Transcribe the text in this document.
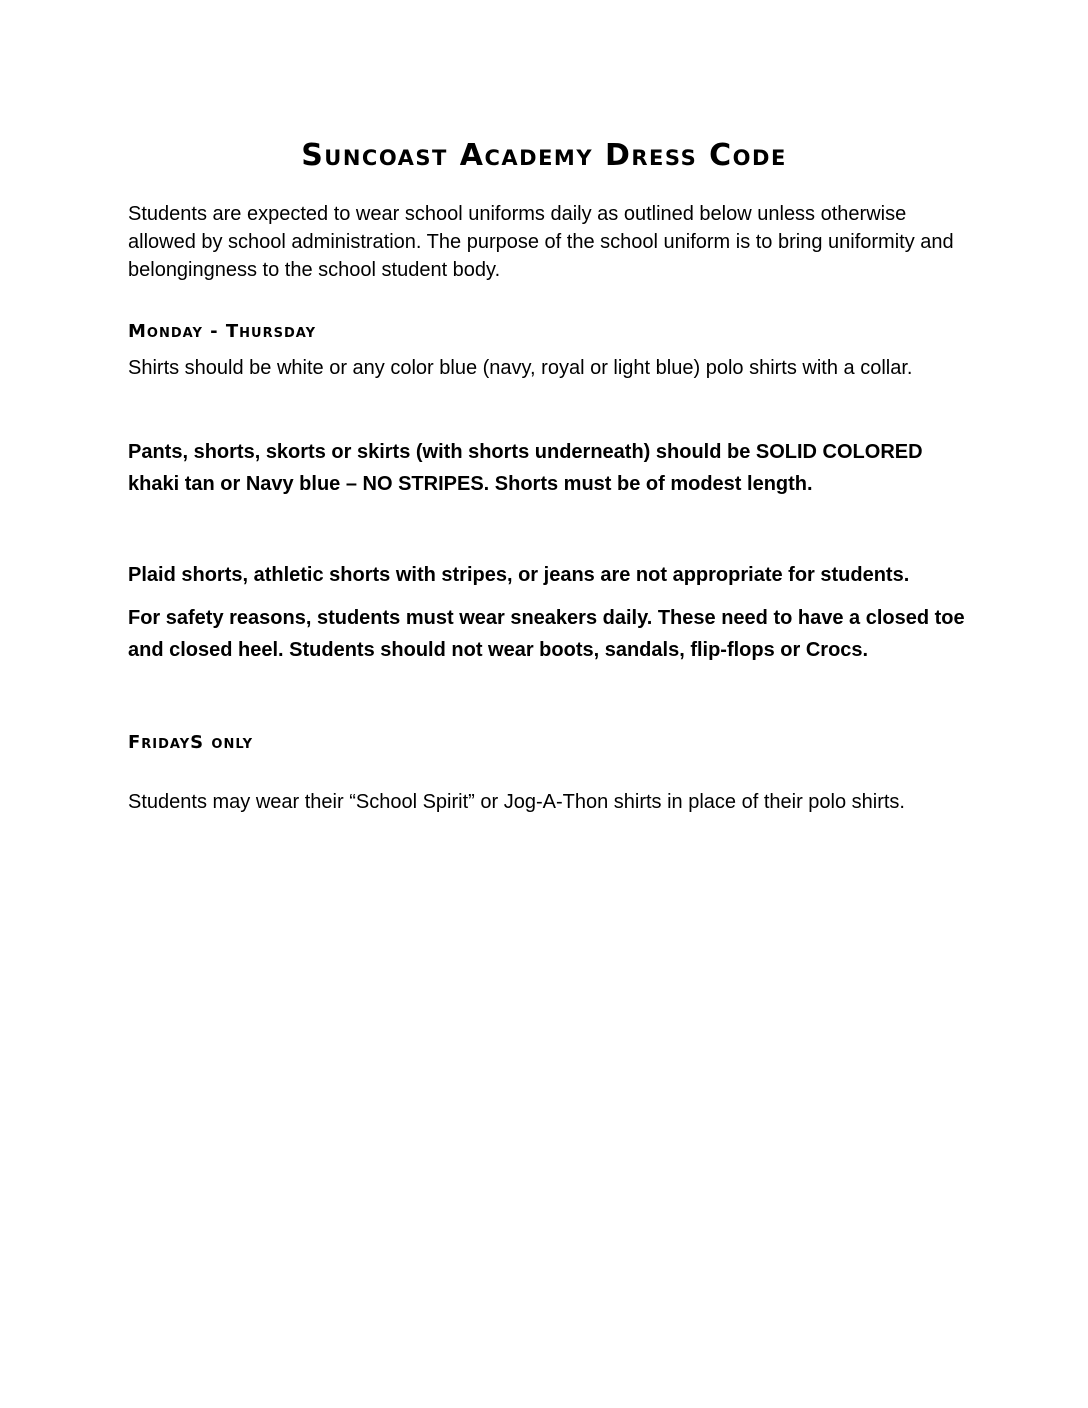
Suncoast Academy Dress Code
Students are expected to wear school uniforms daily as outlined below unless otherwise allowed by school administration. The purpose of the school uniform is to bring uniformity and belongingness to the school student body.
Monday - Thursday
Shirts should be white or any color blue (navy, royal or light blue) polo shirts with a collar.
Pants, shorts, skorts or skirts (with shorts underneath) should be SOLID COLORED khaki tan or Navy blue – NO STRIPES. Shorts must be of modest length.
Plaid shorts, athletic shorts with stripes, or jeans are not appropriate for students.
For safety reasons, students must wear sneakers daily. These need to have a closed toe and closed heel. Students should not wear boots, sandals, flip-flops or Crocs.
FridayS only
Students may wear their “School Spirit” or Jog-A-Thon shirts in place of their polo shirts.
